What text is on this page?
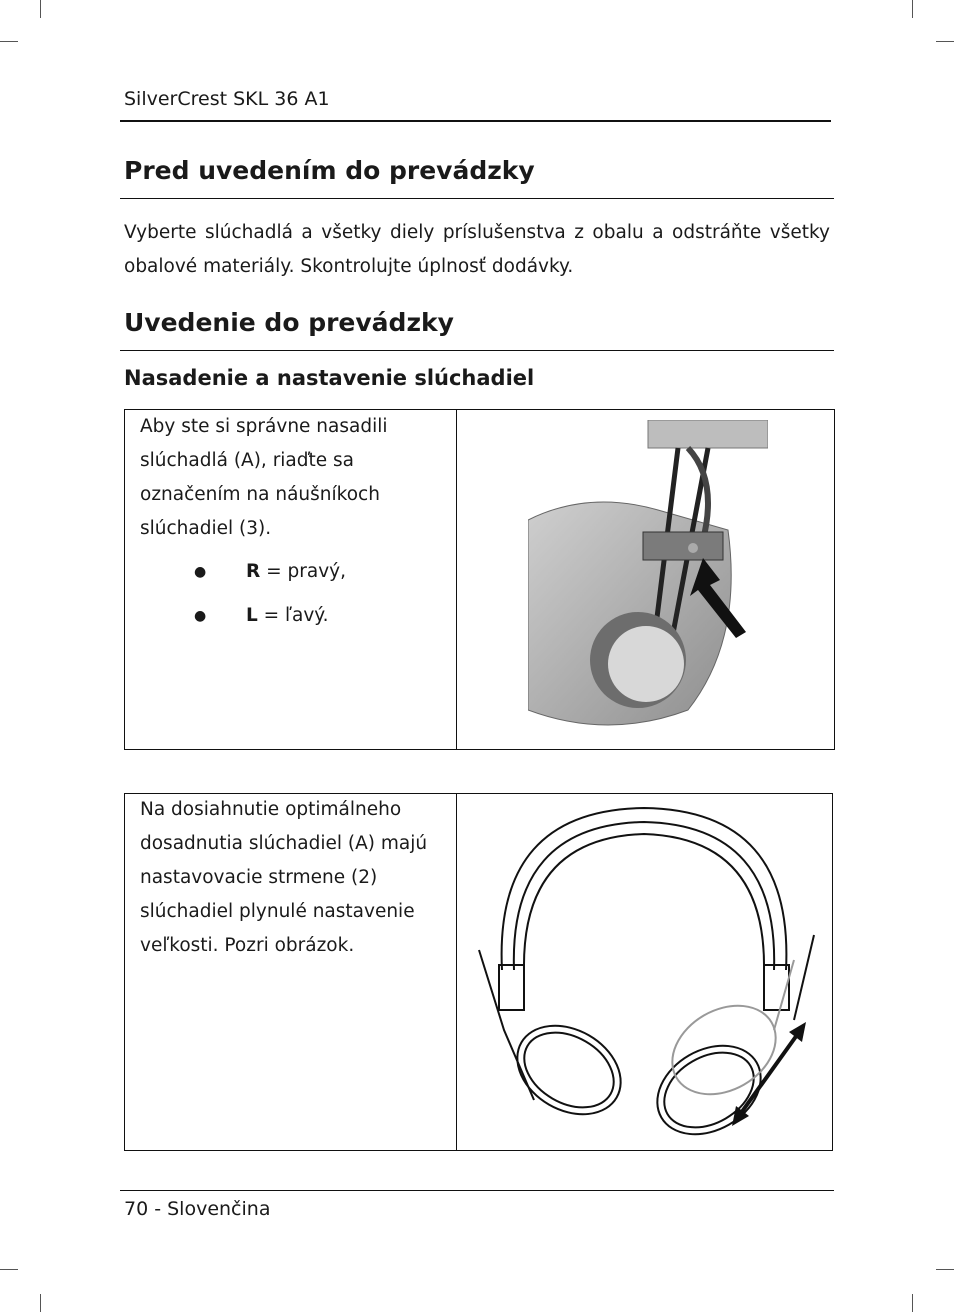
SilverCrest SKL 36 A1
Pred uvedením do prevádzky
Vyberte slúchadlá a všetky diely príslušenstva z obalu a odstráňte všetky obalové materiály. Skontrolujte úplnosť dodávky.
Uvedenie do prevádzky
Nasadenie a nastavenie slúchadiel
Aby ste si správne nasadili slúchadlá (A), riaďte sa označením na náušníkoch slúchadiel (3).
●	R = pravý,
●	L = ľavý.
Na dosiahnutie optimálneho dosadnutia slúchadiel (A) majú nastavovacie strmene (2) slúchadiel plynulé nastavenie veľkosti. Pozri obrázok.
70 - Slovenčina
